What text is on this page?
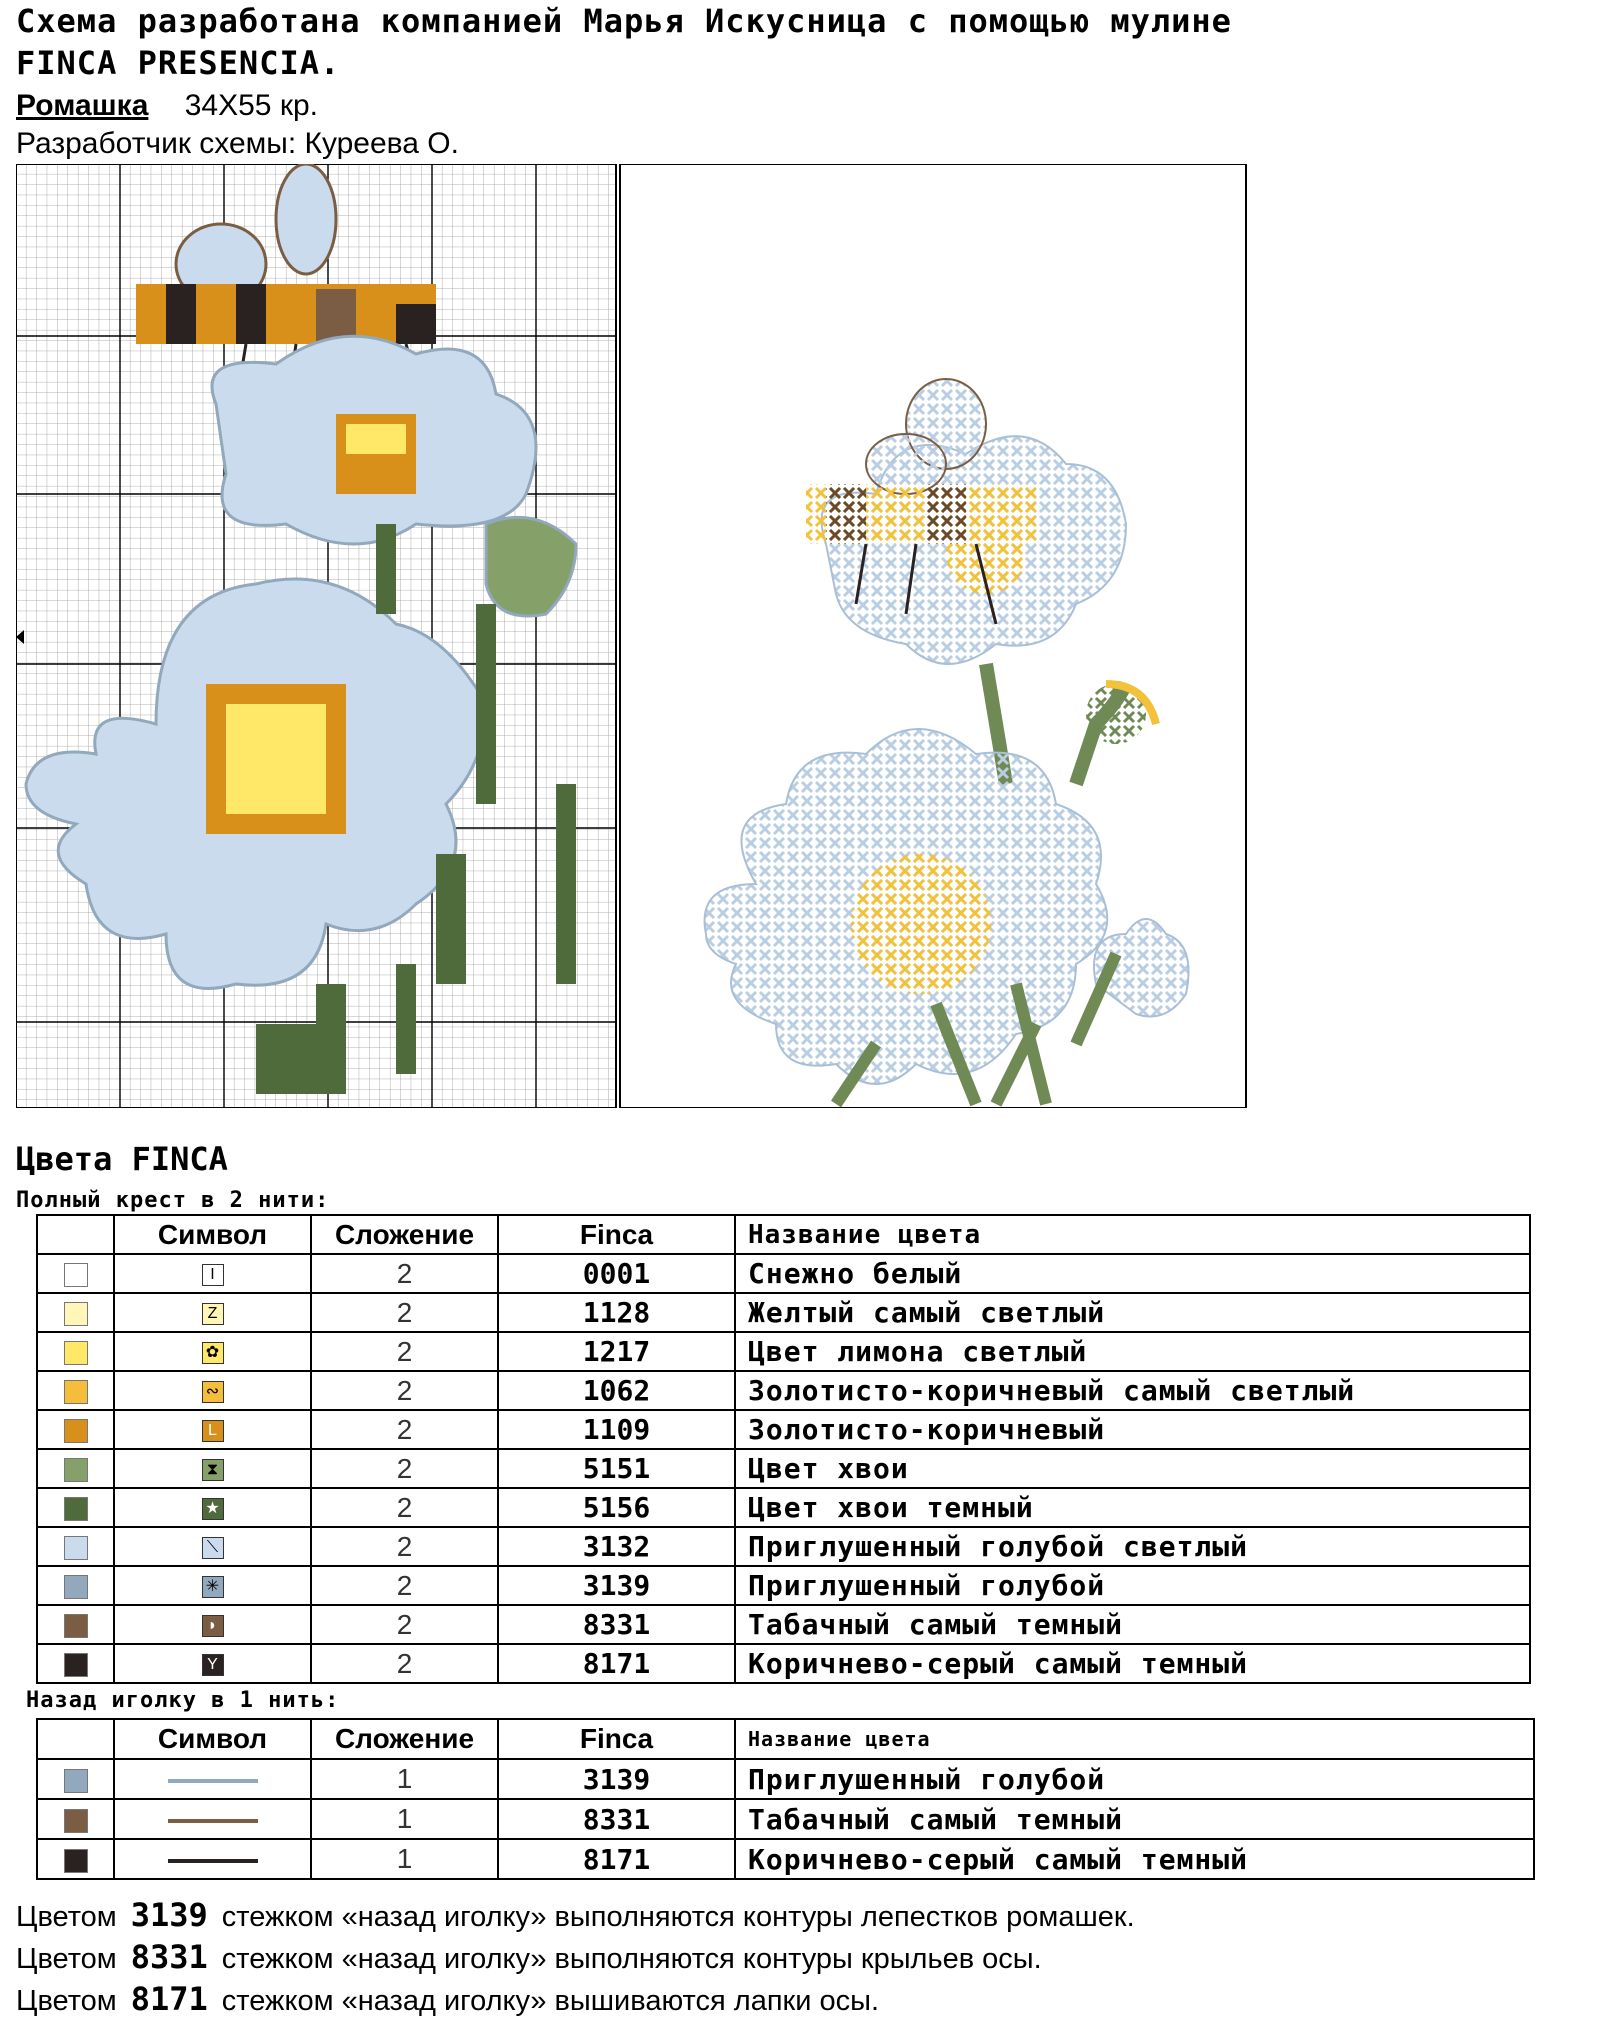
Схема разработана компанией Марья Искусница с помощью мулине
FINCA PRESENCIA.
Ромашка 34X55 кр.
Разработчик схемы: Куреева О.
Цвета FINCA
Полный крест в 2 нити:
	Символ	Сложение	Finca	Название цвета
	I	2	0001	Снежно белый
	Z	2	1128	Желтый самый светлый
	✿	2	1217	Цвет лимона светлый
	∾	2	1062	Золотисто-коричневый самый светлый
	L	2	1109	Золотисто-коричневый
	⧗	2	5151	Цвет хвои
	★	2	5156	Цвет хвои темный
	⟍	2	3132	Приглушенный голубой светлый
	✳	2	3139	Приглушенный голубой
	◗	2	8331	Табачный самый темный
	Y	2	8171	Коричнево-серый самый темный
Назад иголку в 1 нить:
	Символ	Сложение	Finca	Название цвета
		1	3139	Приглушенный голубой
		1	8331	Табачный самый темный
		1	8171	Коричнево-серый самый темный
Цветом 3139 стежком «назад иголку» выполняются контуры лепестков ромашек.
Цветом 8331 стежком «назад иголку» выполняются контуры крыльев осы.
Цветом 8171 стежком «назад иголку» вышиваются лапки осы.
